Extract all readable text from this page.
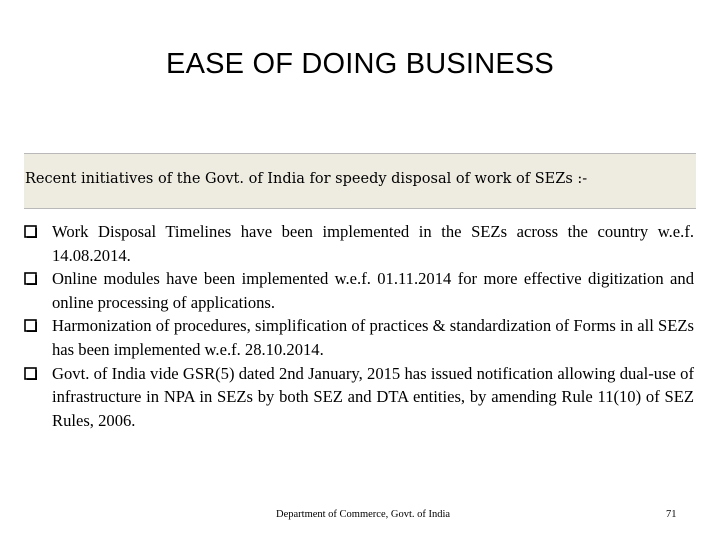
EASE OF DOING BUSINESS
Recent initiatives of the Govt. of India for speedy disposal of work of SEZs :-
Work Disposal Timelines have been implemented in the SEZs across the country w.e.f. 14.08.2014.
Online modules have been implemented w.e.f. 01.11.2014 for more effective digitization and online processing of applications.
Harmonization of procedures, simplification of practices & standardization of Forms in all SEZs has been implemented w.e.f. 28.10.2014.
Govt. of India vide GSR(5) dated 2nd January, 2015 has issued notification allowing dual-use of infrastructure in NPA in SEZs by both SEZ and DTA entities, by amending Rule 11(10) of SEZ Rules, 2006.
Department of Commerce, Govt. of India	71
